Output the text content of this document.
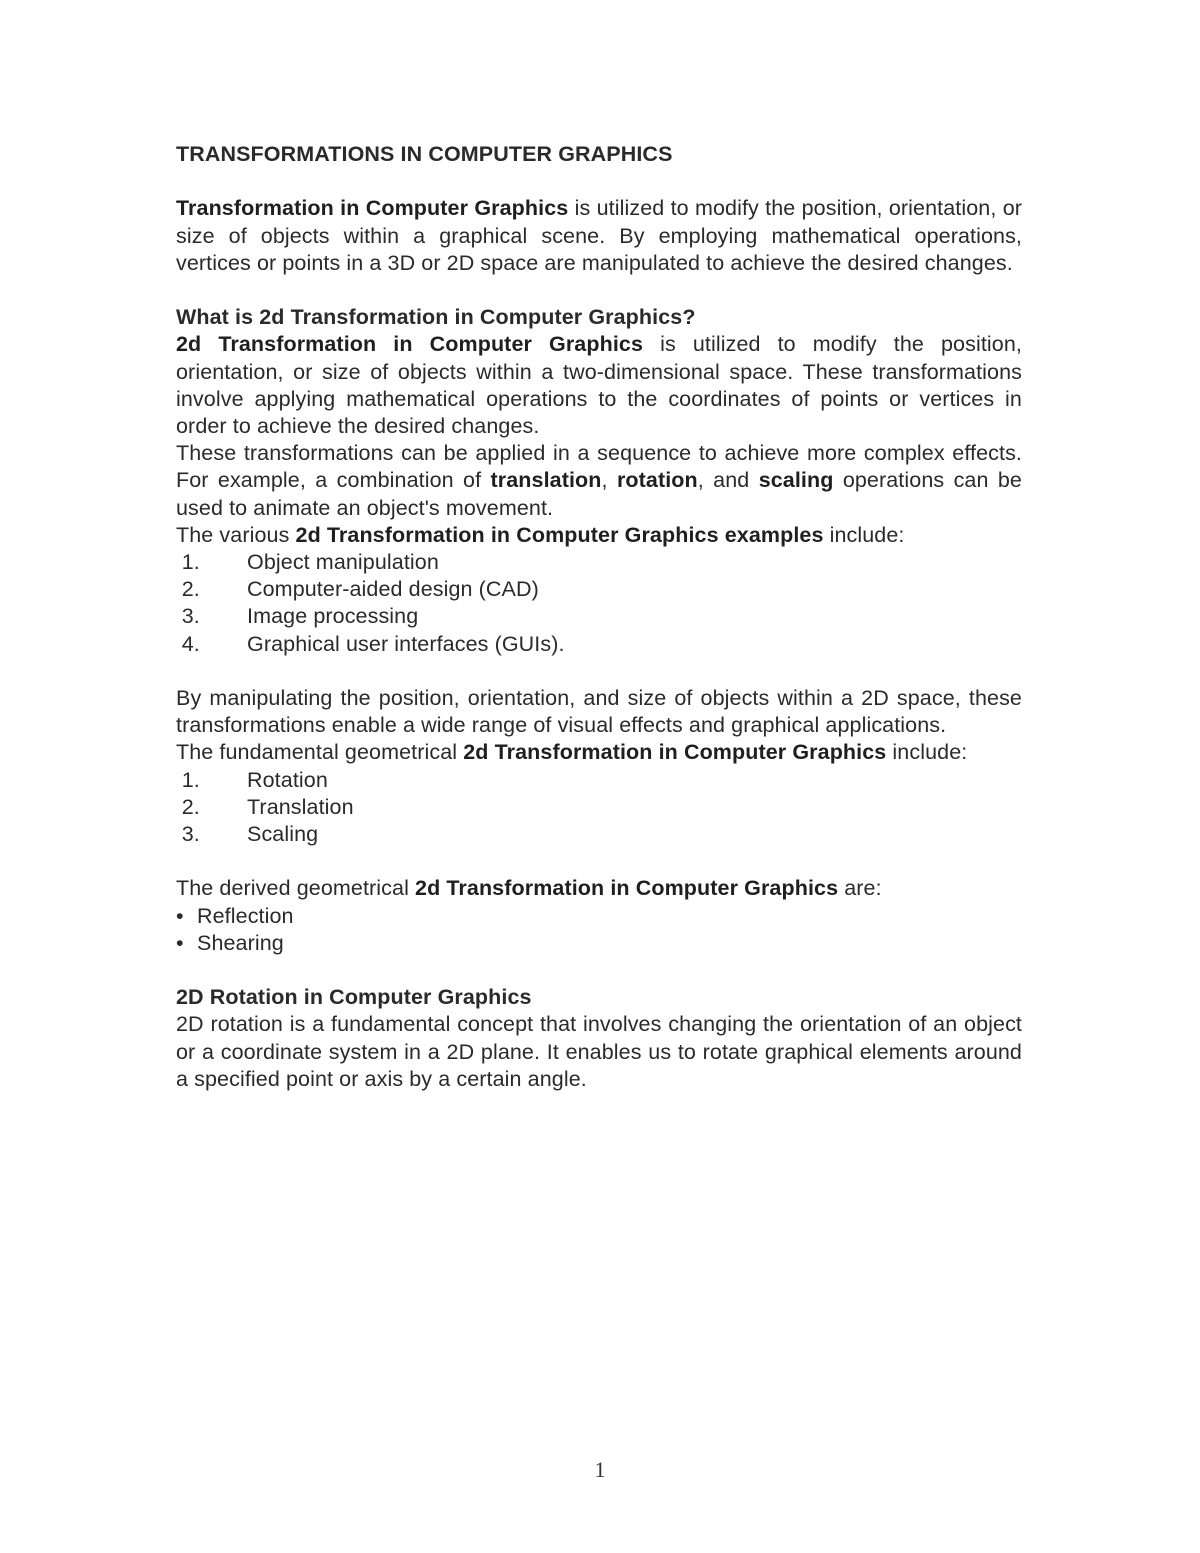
TRANSFORMATIONS IN COMPUTER GRAPHICS

Transformation in Computer Graphics is utilized to modify the position, orientation, or size of objects within a graphical scene. By employing mathematical operations, vertices or points in a 3D or 2D space are manipulated to achieve the desired changes.

What is 2d Transformation in Computer Graphics?

2d Transformation in Computer Graphics is utilized to modify the position, orientation, or size of objects within a two-dimensional space. These transformations involve applying mathematical operations to the coordinates of points or vertices in order to achieve the desired changes.

These transformations can be applied in a sequence to achieve more complex effects. For example, a combination of translation, rotation, and scaling operations can be used to animate an object's movement.

The various 2d Transformation in Computer Graphics examples include:

1. Object manipulation
2. Computer-aided design (CAD)
3. Image processing
4. Graphical user interfaces (GUIs).

By manipulating the position, orientation, and size of objects within a 2D space, these transformations enable a wide range of visual effects and graphical applications.

The fundamental geometrical 2d Transformation in Computer Graphics include:

1. Rotation
2. Translation
3. Scaling

The derived geometrical 2d Transformation in Computer Graphics are:

• Reflection
• Shearing

2D Rotation in Computer Graphics

2D rotation is a fundamental concept that involves changing the orientation of an object or a coordinate system in a 2D plane. It enables us to rotate graphical elements around a specified point or axis by a certain angle.

1
